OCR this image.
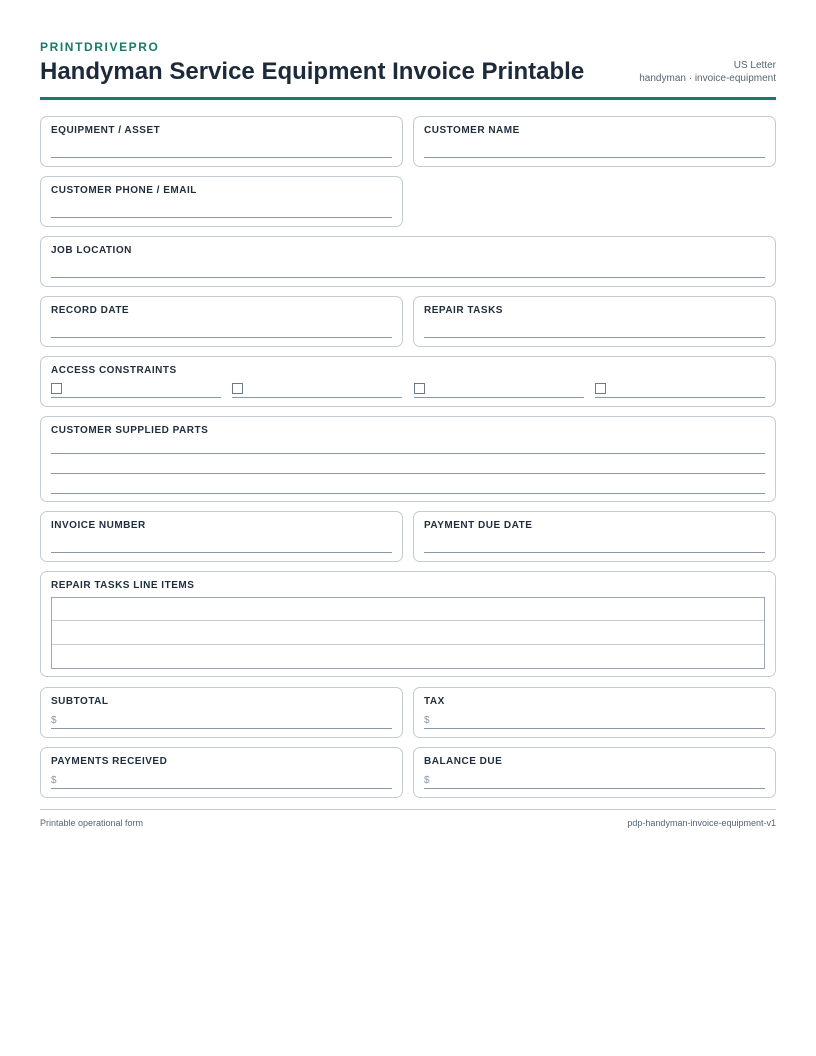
PRINTDRIVEPRO
Handyman Service Equipment Invoice Printable	US Letter
handyman · invoice-equipment
EQUIPMENT / ASSET	CUSTOMER NAME
CUSTOMER PHONE / EMAIL
JOB LOCATION
RECORD DATE	REPAIR TASKS
ACCESS CONSTRAINTS
CUSTOMER SUPPLIED PARTS
INVOICE NUMBER	PAYMENT DUE DATE
REPAIR TASKS LINE ITEMS
SUBTOTAL
$
TAX
$
PAYMENTS RECEIVED
$
BALANCE DUE
$
Printable operational form	pdp-handyman-invoice-equipment-v1
